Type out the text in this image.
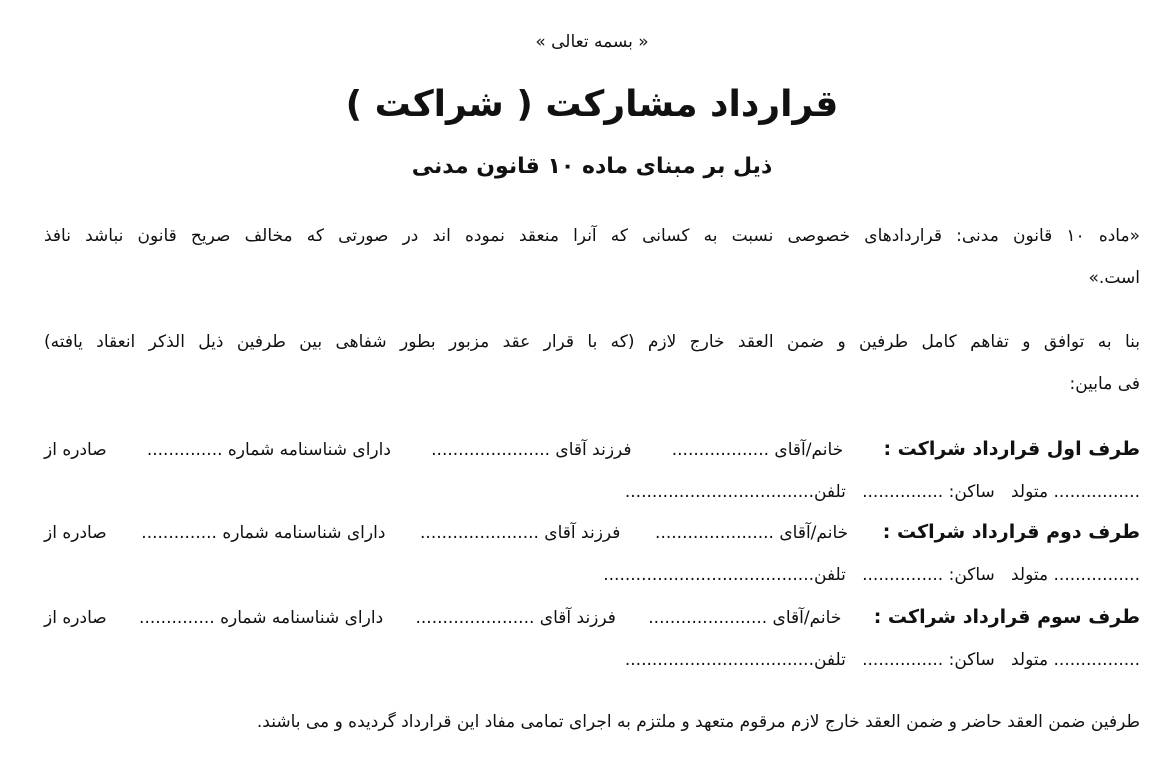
« بسمه تعالی »
قرارداد مشارکت ( شراکت )
ذیل بر مبنای ماده ۱۰ قانون مدنی
«ماده ۱۰ قانون مدنی: قراردادهای خصوصی نسبت به کسانی که آنرا منعقد نموده اند در صورتی که مخالف صریح قانون نباشد نافذ
است.»
بنا به توافق و تفاهم کامل طرفین و ضمن العقد خارج لازم (که با قرار عقد مزبور بطور شفاهی بین طرفین ذیل الذکر انعقاد یافته)
فی مابین:
طرف اول قرارداد شراکت :
خانم/آقای ..................
فرزند آقای ......................
دارای شناسنامه شماره ..............
صادره از
................ متولد   ساکن: ...............   تلفن...................................
طرف دوم قرارداد شراکت :
خانم/آقای ......................
فرزند آقای ......................
دارای شناسنامه شماره ..............
صادره از
................ متولد   ساکن: ...............   تلفن.......................................
طرف سوم قرارداد شراکت :
خانم/آقای ......................
فرزند آقای ......................
دارای شناسنامه شماره ..............
صادره از
................ متولد   ساکن: ...............   تلفن...................................
طرفین ضمن العقد حاضر و ضمن العقد خارج لازم مرقوم متعهد و ملتزم به اجرای تمامی مفاد این قرارداد گردیده و می باشند.
